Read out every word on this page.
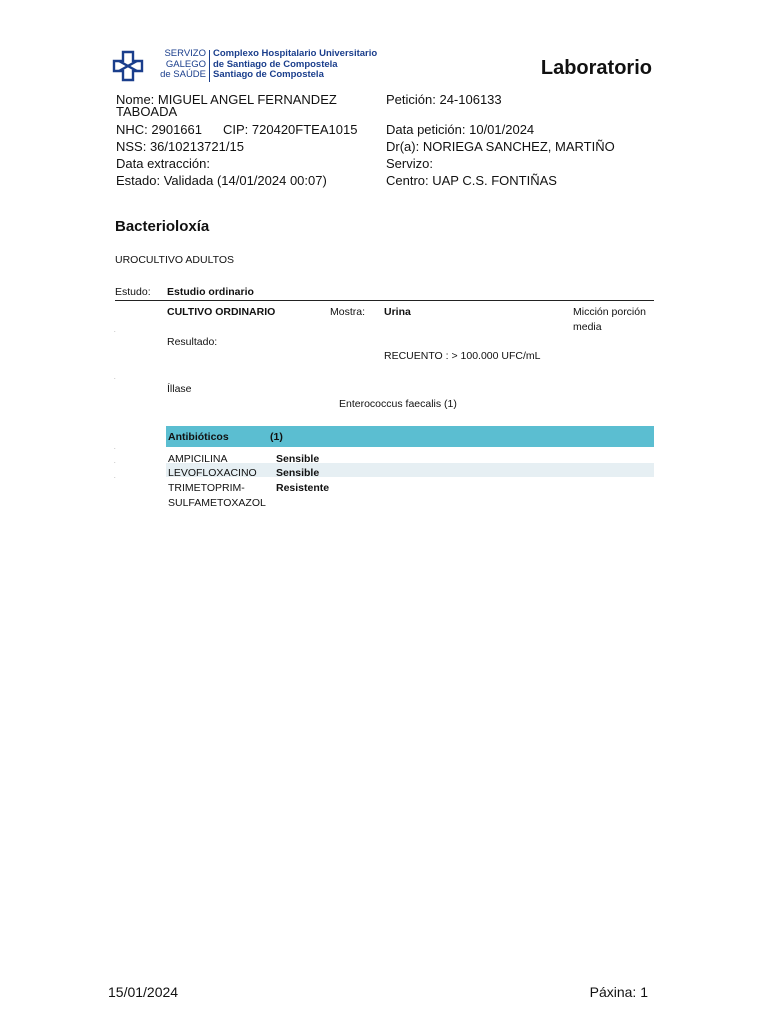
SERVIZO
GALEGO
de SAÚDE
Complexo Hospitalario Universitario
de Santiago de Compostela
Santiago de Compostela	Laboratorio
Nome: MIGUEL ANGEL FERNANDEZ
TABOADA
NHC: 2901661 CIP: 720420FTEA1015
NSS: 36/10213721/15
Data extracción:
Estado: Validada (14/01/2024 00:07)
Petición: 24-106133
Data petición: 10/01/2024
Dr(a): NORIEGA SANCHEZ, MARTIÑO
Servizo:
Centro: UAP C.S. FONTIÑAS
Bacterioloxía
UROCULTIVO ADULTOS
Estudo: Estudio ordinario
CULTIVO ORDINARIO	Mostra: Urina	Micción porción
media
.
Resultado:
RECUENTO : > 100.000 UFC/mL
.
Íllase
Enterococcus faecalis (1)
Antibióticos	(1)
.
AMPICILINA	Sensible
.
LEVOFLOXACINO Sensible
.
TRIMETOPRIM-	Resistente
SULFAMETOXAZOL
15/01/2024	Páxina: 1
